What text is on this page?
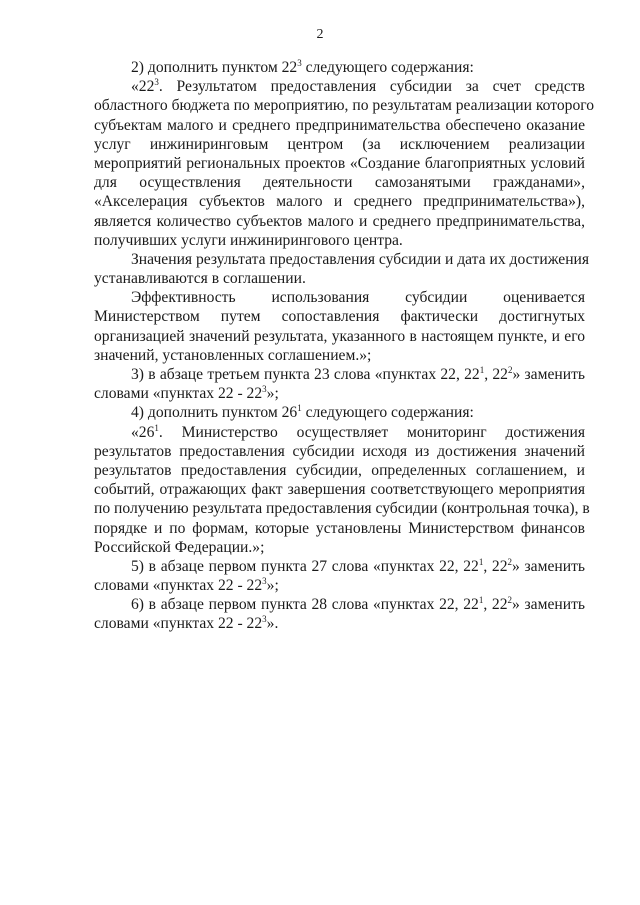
2
2) дополнить пунктом $22^3$ следующего содержания:
«$22^3$. Результатом предоставления субсидии за счет средств
областного бюджета по мероприятию, по результатам реализации которого
субъектам малого и среднего предпринимательства обеспечено оказание
услуг инжиниринговым центром (за исключением реализации
мероприятий региональных проектов «Создание благоприятных условий
для осуществления деятельности самозанятыми гражданами»,
«Акселерация субъектов малого и среднего предпринимательства»),
является количество субъектов малого и среднего предпринимательства,
получивших услуги инжинирингового центра.
Значения результата предоставления субсидии и дата их достижения
устанавливаются в соглашении.
Эффективность использования субсидии оценивается
Министерством путем сопоставления фактически достигнутых
организацией значений результата, указанного в настоящем пункте, и его
значений, установленных соглашением.»;
3) в абзаце третьем пункта 23 слова «пунктах 22, $22^1$, $22^2$» заменить
словами «пунктах $22 - 22^3$»;
4) дополнить пунктом $26^1$ следующего содержания:
«$26^1$. Министерство осуществляет мониторинг достижения
результатов предоставления субсидии исходя из достижения значений
результатов предоставления субсидии, определенных соглашением, и
событий, отражающих факт завершения соответствующего мероприятия
по получению результата предоставления субсидии (контрольная точка), в
порядке и по формам, которые установлены Министерством финансов
Российской Федерации.»;
5) в абзаце первом пункта 27 слова «пунктах 22, $22^1$, $22^2$» заменить
словами «пунктах $22 - 22^3$»;
6) в абзаце первом пункта 28 слова «пунктах 22, $22^1$, $22^2$» заменить
словами «пунктах $22 - 22^3$».
